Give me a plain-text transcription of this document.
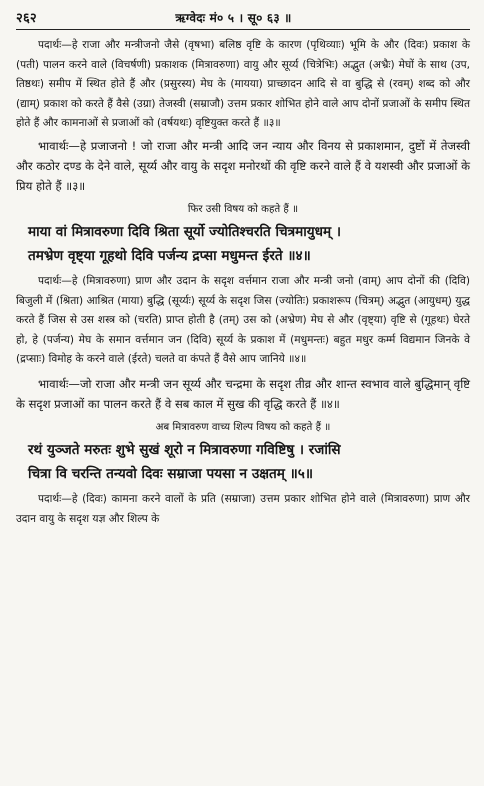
२६२	ऋग्वेदः मं० ५ । सू० ६३ ॥

पदार्थः—हे राजा और मन्त्रीजनो जैसे (वृषभा) बलिष्ठ वृष्टि के कारण (पृथिव्याः) भूमि के और (दिवः) प्रकाश के (पती) पालन करने वाले (विचर्षणी) प्रकाशक (मित्रावरुणा) वायु और सूर्य्य (चित्रेभिः) अद्भुत (अभ्रैः) मेघों के साथ (उप, तिष्ठथः) समीप में स्थित होते हैं और (प्रसुरस्य) मेघ के (मायया) प्राच्छादन आदि से वा बुद्धि से (रवम्) शब्द को और (द्याम्) प्रकाश को करते हैं वैसे (उग्रा) तेजस्वी (सम्राजौ) उत्तम प्रकार शोभित होने वाले आप दोनों प्रजाओं के समीप स्थित होते हैं और कामनाओं से प्रजाओं को (वर्षयथः) वृष्टियुक्त करते हैं ॥३॥

भावार्थः—हे प्रजाजनो ! जो राजा और मन्त्री आदि जन न्याय और विनय से प्रकाशमान, दुष्टों में तेजस्वी और कठोर दण्ड के देने वाले, सूर्य्य और वायु के सदृश मनोरथों की वृष्टि करने वाले हैं वे यशस्वी और प्रजाओं के प्रिय होते हैं ॥३॥

फिर उसी विषय को कहते हैं ॥
माया वां मित्रावरुणा दिवि श्रिता सूर्यो ज्योतिश्चरति चित्रमायुधम् ।
तमभ्रेण वृष्ट्या गूहथो दिवि पर्जन्य द्रप्सा मधुमन्त ईरते ॥४॥

पदार्थः—हे (मित्रावरुणा) प्राण और उदान के सदृश वर्त्तमान राजा और मन्त्री जनो (वाम्) आप दोनों की (दिवि) बिजुली में (श्रिता) आश्रित (माया) बुद्धि (सूर्य्यः) सूर्य्य के सदृश जिस (ज्योतिः) प्रकाशरूप (चित्रम्) अद्भुत (आयुधम्) युद्ध करते हैं जिस से उस शस्त्र को (चरति) प्राप्त होती है (तम्) उस को (अभ्रेण) मेघ से और (वृष्ट्या) वृष्टि से (गूहथः) घेरते हो, हे (पर्जन्य) मेघ के समान वर्त्तमान जन (दिवि) सूर्य्य के प्रकाश में (मधुमन्तः) बहुत मधुर कर्म्म विद्यमान जिनके वे (द्रप्साः) विमोह के करने वाले (ईरते) चलते वा कंपते हैं वैसे आप जानिये ॥४॥

भावार्थः—जो राजा और मन्त्री जन सूर्य्य और चन्द्रमा के सदृश तीव्र और शान्त स्वभाव वाले बुद्धिमान् वृष्टि के सदृश प्रजाओं का पालन करते हैं वे सब काल में सुख की वृद्धि करते हैं ॥४॥

अब मित्रावरुण वाच्य शिल्प विषय को कहते हैं ॥
रथं युञ्जते मरुतः शुभे सुखं शूरो न मित्रावरुणा गविष्टिषु । रजांसि
चित्रा वि चरन्ति तन्यवो दिवः सम्राजा पयसा न उक्षतम् ॥५॥

पदार्थः—हे (दिवः) कामना करने वालों के प्रति (सम्राजा) उत्तम प्रकार शोभित होने वाले (मित्रावरुणा) प्राण और उदान वायु के सदृश यज्ञ और शिल्प के
